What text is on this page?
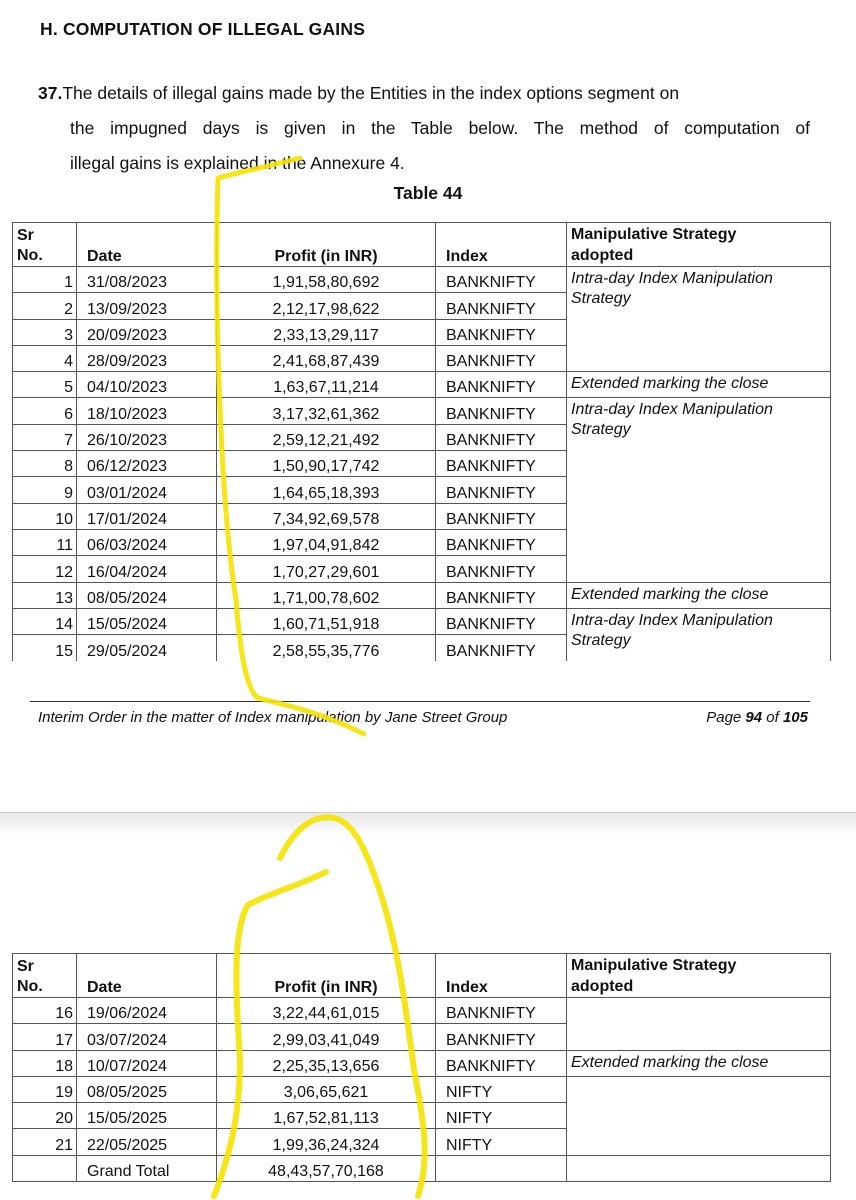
H. COMPUTATION OF ILLEGAL GAINS
37.The details of illegal gains made by the Entities in the index options segment on
the impugned days is given in the Table below. The method of computation of
illegal gains is explained in the Annexure 4.
Table 44
Sr
No.	Date	Profit (in INR)	Index	Manipulative Strategy
adopted
1	31/08/2023	1,91,58,80,692	BANKNIFTY	Intra-day Index Manipulation Strategy
2	13/09/2023	2,12,17,98,622	BANKNIFTY	
3	20/09/2023	2,33,13,29,117	BANKNIFTY	
4	28/09/2023	2,41,68,87,439	BANKNIFTY	
5	04/10/2023	1,63,67,11,214	BANKNIFTY	Extended marking the close
6	18/10/2023	3,17,32,61,362	BANKNIFTY	Intra-day Index Manipulation Strategy
7	26/10/2023	2,59,12,21,492	BANKNIFTY	
8	06/12/2023	1,50,90,17,742	BANKNIFTY	
9	03/01/2024	1,64,65,18,393	BANKNIFTY	
10	17/01/2024	7,34,92,69,578	BANKNIFTY	
11	06/03/2024	1,97,04,91,842	BANKNIFTY	
12	16/04/2024	1,70,27,29,601	BANKNIFTY	
13	08/05/2024	1,71,00,78,602	BANKNIFTY	Extended marking the close
14	15/05/2024	1,60,71,51,918	BANKNIFTY	Intra-day Index Manipulation Strategy
15	29/05/2024	2,58,55,35,776	BANKNIFTY	
Interim Order in the matter of Index manipulation by Jane Street Group	Page 94 of 105
Sr
No.	Date	Profit (in INR)	Index	Manipulative Strategy
adopted
16	19/06/2024	3,22,44,61,015	BANKNIFTY	
17	03/07/2024	2,99,03,41,049	BANKNIFTY	
18	10/07/2024	2,25,35,13,656	BANKNIFTY	Extended marking the close
19	08/05/2025	3,06,65,621	NIFTY	
20	15/05/2025	1,67,52,81,113	NIFTY	
21	22/05/2025	1,99,36,24,324	NIFTY	
	Grand Total	48,43,57,70,168		
